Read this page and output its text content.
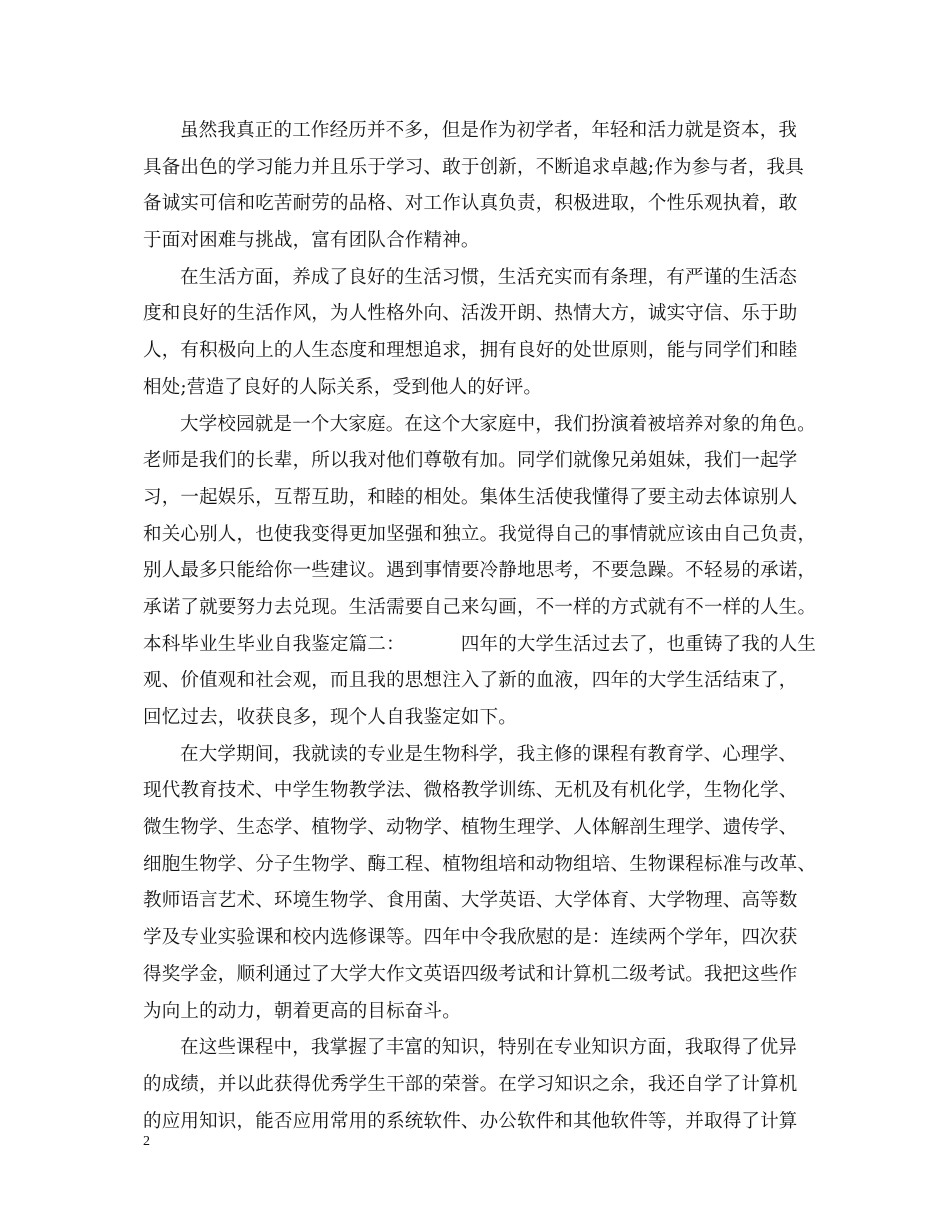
虽然我真正的工作经历并不多，但是作为初学者，年轻和活力就是资本，我
具备出色的学习能力并且乐于学习、敢于创新，不断追求卓越;作为参与者，我具
备诚实可信和吃苦耐劳的品格、对工作认真负责，积极进取，个性乐观执着，敢
于面对困难与挑战，富有团队合作精神。
在生活方面，养成了良好的生活习惯，生活充实而有条理，有严谨的生活态
度和良好的生活作风，为人性格外向、活泼开朗、热情大方，诚实守信、乐于助
人，有积极向上的人生态度和理想追求，拥有良好的处世原则，能与同学们和睦
相处;营造了良好的人际关系，受到他人的好评。
大学校园就是一个大家庭。在这个大家庭中，我们扮演着被培养对象的角色。
老师是我们的长辈，所以我对他们尊敬有加。同学们就像兄弟姐妹，我们一起学
习，一起娱乐，互帮互助，和睦的相处。集体生活使我懂得了要主动去体谅别人
和关心别人，也使我变得更加坚强和独立。我觉得自己的事情就应该由自己负责，
别人最多只能给你一些建议。遇到事情要冷静地思考，不要急躁。不轻易的承诺，
承诺了就要努力去兑现。生活需要自己来勾画，不一样的方式就有不一样的人生。
本科毕业生毕业自我鉴定篇二：	四年的大学生活过去了，也重铸了我的人生
观、价值观和社会观，而且我的思想注入了新的血液，四年的大学生活结束了，
回忆过去，收获良多，现个人自我鉴定如下。
在大学期间，我就读的专业是生物科学，我主修的课程有教育学、心理学、
现代教育技术、中学生物教学法、微格教学训练、无机及有机化学，生物化学、
微生物学、生态学、植物学、动物学、植物生理学、人体解剖生理学、遗传学、
细胞生物学、分子生物学、酶工程、植物组培和动物组培、生物课程标准与改革、
教师语言艺术、环境生物学、食用菌、大学英语、大学体育、大学物理、高等数
学及专业实验课和校内选修课等。四年中令我欣慰的是：连续两个学年，四次获
得奖学金，顺利通过了大学大作文英语四级考试和计算机二级考试。我把这些作
为向上的动力，朝着更高的目标奋斗。
在这些课程中，我掌握了丰富的知识，特别在专业知识方面，我取得了优异
的成绩，并以此获得优秀学生干部的荣誉。在学习知识之余，我还自学了计算机
的应用知识，能否应用常用的系统软件、办公软件和其他软件等，并取得了计算
2
